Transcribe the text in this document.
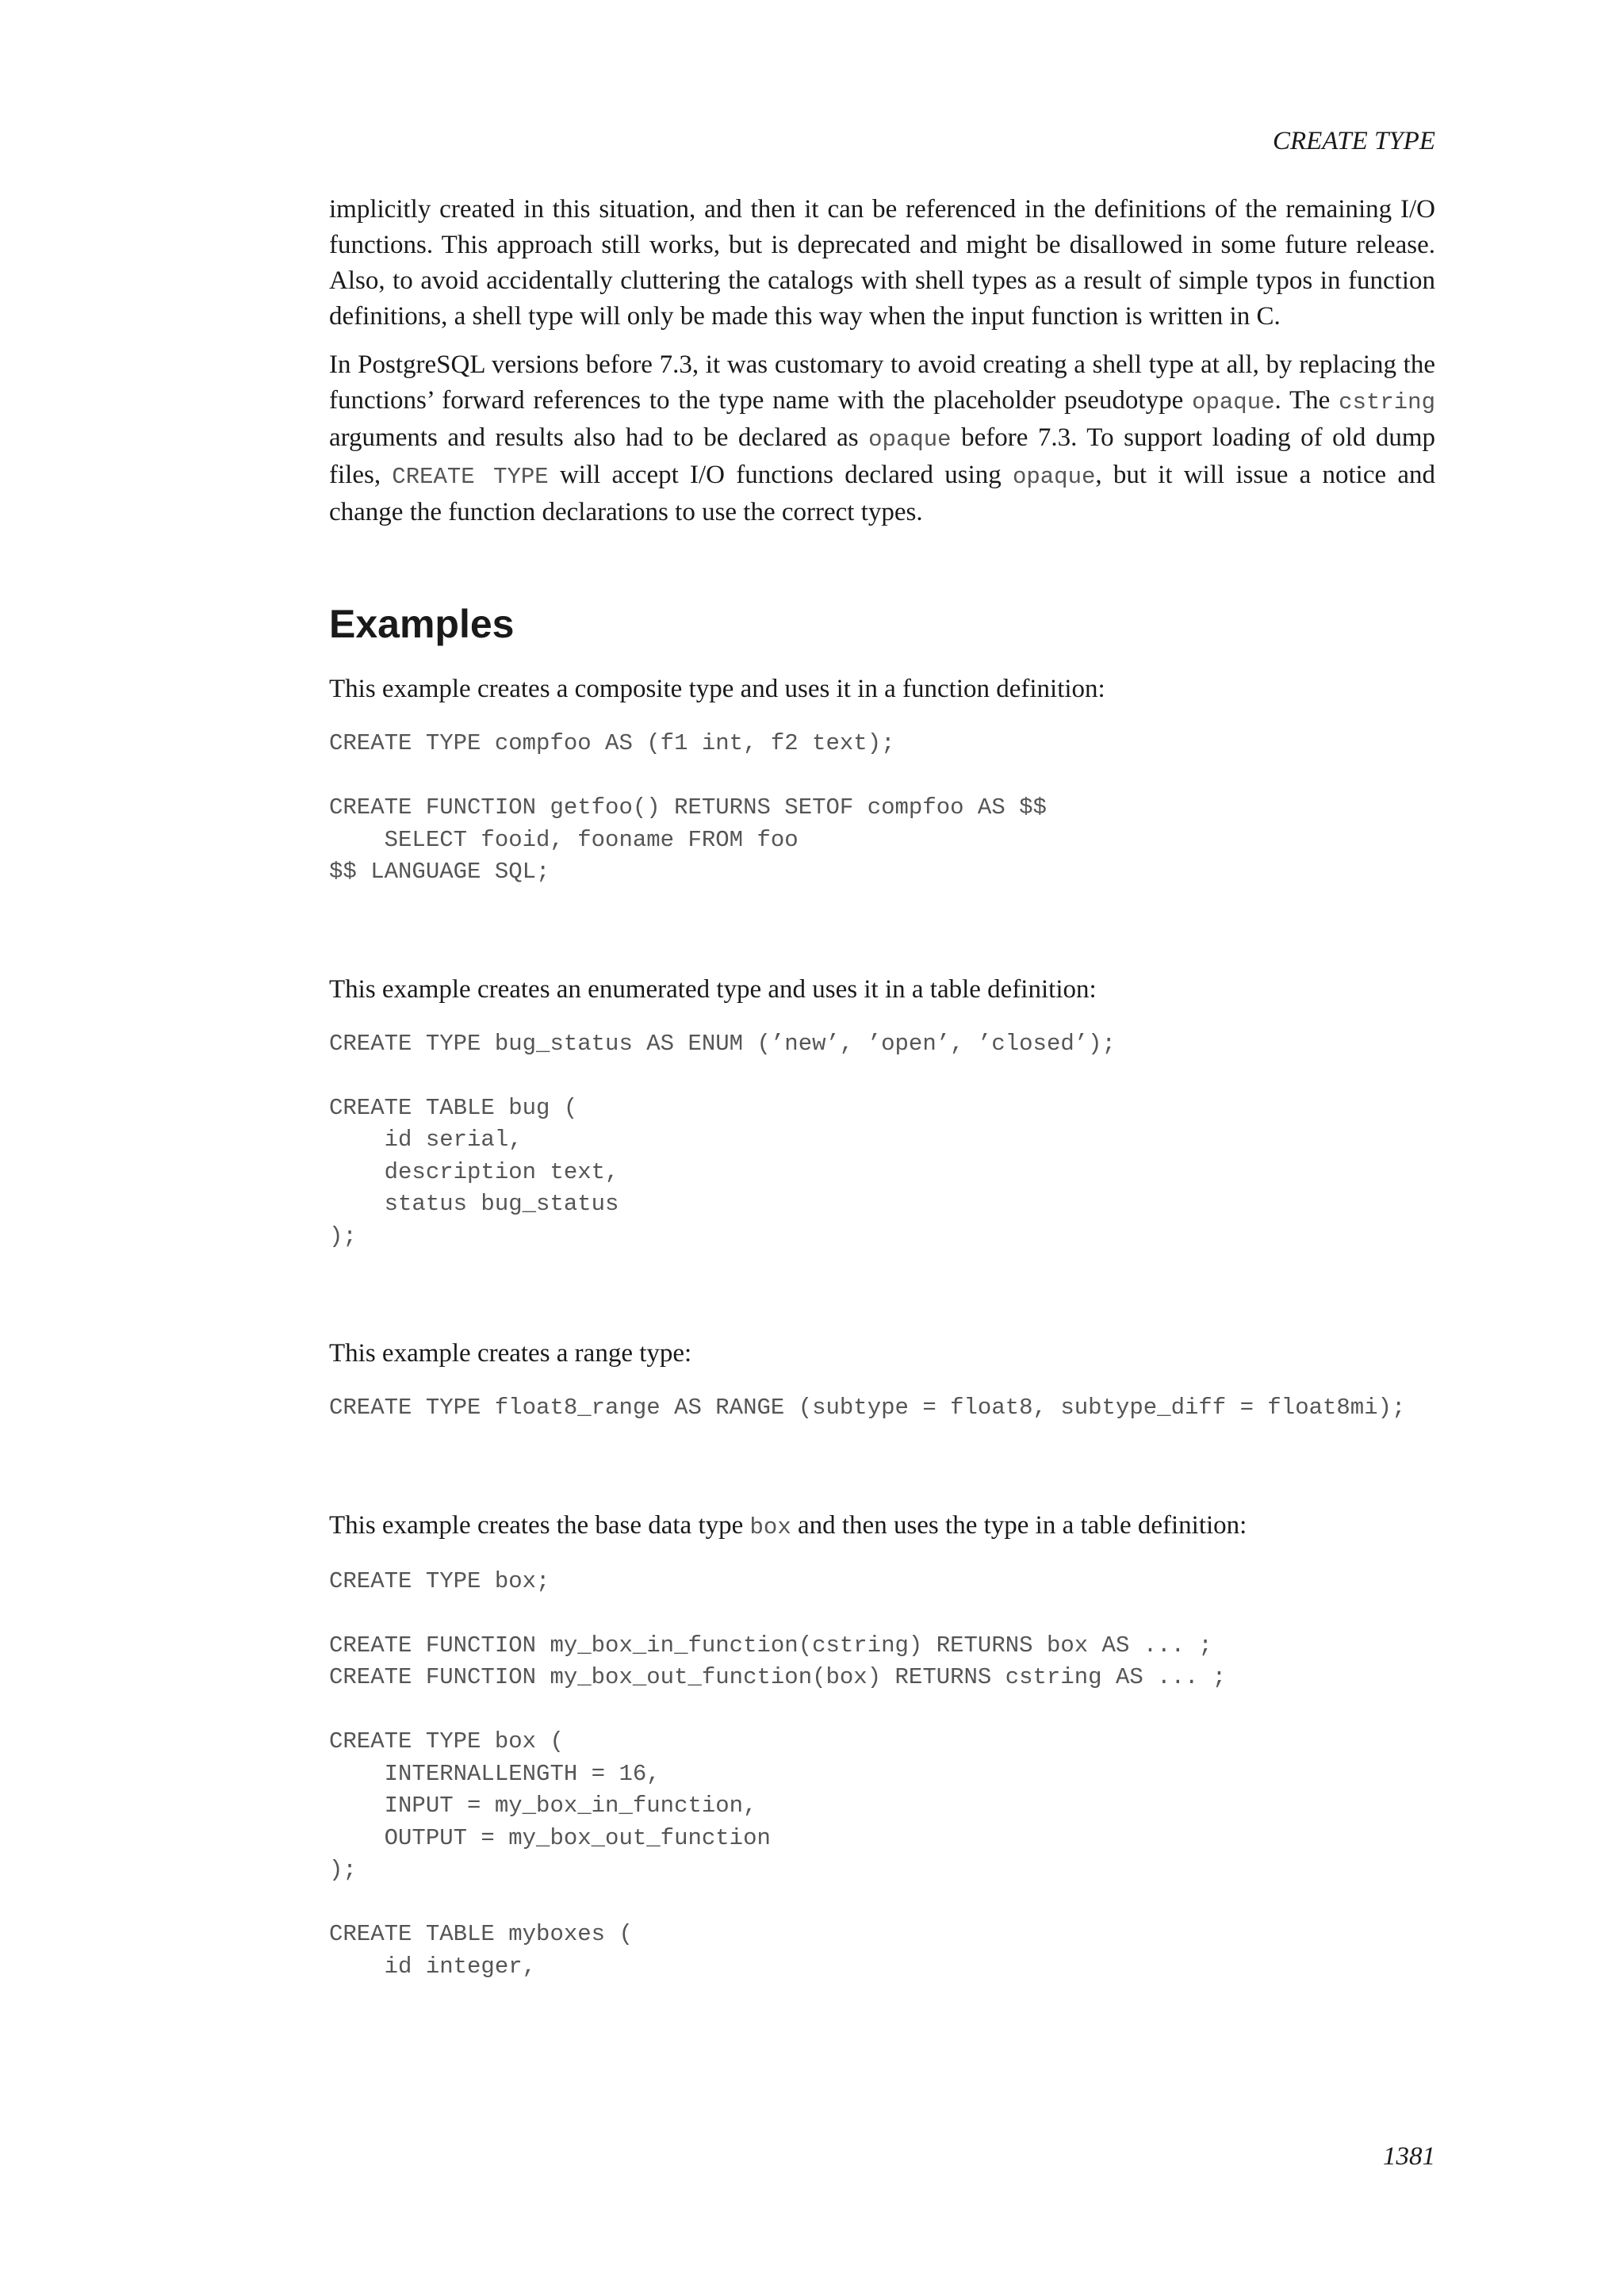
CREATE TYPE

implicitly created in this situation, and then it can be referenced in the definitions of the remaining I/O functions. This approach still works, but is deprecated and might be disallowed in some future release. Also, to avoid accidentally cluttering the catalogs with shell types as a result of simple typos in function definitions, a shell type will only be made this way when the input function is written in C.

In PostgreSQL versions before 7.3, it was customary to avoid creating a shell type at all, by replacing the functions’ forward references to the type name with the placeholder pseudotype opaque. The cstring arguments and results also had to be declared as opaque before 7.3. To support loading of old dump files, CREATE TYPE will accept I/O functions declared using opaque, but it will issue a notice and change the function declarations to use the correct types.

Examples

This example creates a composite type and uses it in a function definition:

CREATE TYPE compfoo AS (f1 int, f2 text);

CREATE FUNCTION getfoo() RETURNS SETOF compfoo AS $$
SELECT fooid, fooname FROM foo
$$ LANGUAGE SQL;

This example creates an enumerated type and uses it in a table definition:

CREATE TYPE bug_status AS ENUM (’new’, ’open’, ’closed’);

CREATE TABLE bug (
id serial,
description text,
status bug_status
);

This example creates a range type:

CREATE TYPE float8_range AS RANGE (subtype = float8, subtype_diff = float8mi);

This example creates the base data type box and then uses the type in a table definition:

CREATE TYPE box;

CREATE FUNCTION my_box_in_function(cstring) RETURNS box AS ... ;
CREATE FUNCTION my_box_out_function(box) RETURNS cstring AS ... ;

CREATE TYPE box (
INTERNALLENGTH = 16,
INPUT = my_box_in_function,
OUTPUT = my_box_out_function
);

CREATE TABLE myboxes (
id integer,
1381
